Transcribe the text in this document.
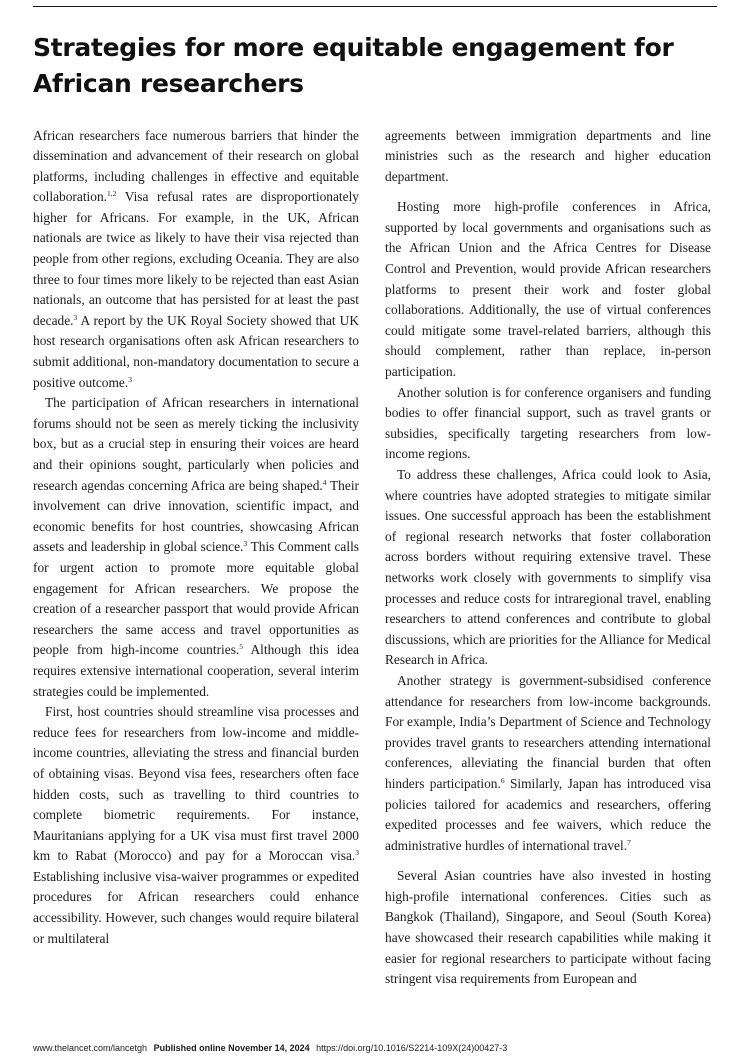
Strategies for more equitable engagement for African researchers

African researchers face numerous barriers that hinder the dissemination and advancement of their research on global platforms, including challenges in effective and equitable collaboration.$^{1,2}$ Visa refusal rates are disproportionately higher for Africans. For example, in the UK, African nationals are twice as likely to have their visa rejected than people from other regions, excluding Oceania. They are also three to four times more likely to be rejected than east Asian nationals, an outcome that has persisted for at least the past decade.$^3$ A report by the UK Royal Society showed that UK host research organisations often ask African researchers to submit additional, non-mandatory documentation to secure a positive outcome.$^3$

The participation of African researchers in international forums should not be seen as merely ticking the inclusivity box, but as a crucial step in ensuring their voices are heard and their opinions sought, particularly when policies and research agendas concerning Africa are being shaped.$^4$ Their involvement can drive innovation, scientific impact, and economic benefits for host countries, showcasing African assets and leadership in global science.$^3$ This Comment calls for urgent action to promote more equitable global engagement for African researchers. We propose the creation of a researcher passport that would provide African researchers the same access and travel opportunities as people from high-income countries.$^5$ Although this idea requires extensive international cooperation, several interim strategies could be implemented.

First, host countries should streamline visa processes and reduce fees for researchers from low-income and middle-income countries, alleviating the stress and financial burden of obtaining visas. Beyond visa fees, researchers often face hidden costs, such as travelling to third countries to complete biometric requirements. For instance, Mauritanians applying for a UK visa must first travel 2000 km to Rabat (Morocco) and pay for a Moroccan visa.$^3$ Establishing inclusive visa-waiver programmes or expedited procedures for African researchers could enhance accessibility. However, such changes would require bilateral or multilateral

agreements between immigration departments and line ministries such as the research and higher education department.

Hosting more high-profile conferences in Africa, supported by local governments and organisations such as the African Union and the Africa Centres for Disease Control and Prevention, would provide African researchers platforms to present their work and foster global collaborations. Additionally, the use of virtual conferences could mitigate some travel-related barriers, although this should complement, rather than replace, in-person participation.

Another solution is for conference organisers and funding bodies to offer financial support, such as travel grants or subsidies, specifically targeting researchers from low-income regions.

To address these challenges, Africa could look to Asia, where countries have adopted strategies to mitigate similar issues. One successful approach has been the establishment of regional research networks that foster collaboration across borders without requiring extensive travel. These networks work closely with governments to simplify visa processes and reduce costs for intraregional travel, enabling researchers to attend conferences and contribute to global discussions, which are priorities for the Alliance for Medical Research in Africa.

Another strategy is government-subsidised conference attendance for researchers from low-income backgrounds. For example, India’s Department of Science and Technology provides travel grants to researchers attending international conferences, alleviating the financial burden that often hinders participation.$^6$ Similarly, Japan has introduced visa policies tailored for academics and researchers, offering expedited processes and fee waivers, which reduce the administrative hurdles of international travel.$^7$

Several Asian countries have also invested in hosting high-profile international conferences. Cities such as Bangkok (Thailand), Singapore, and Seoul (South Korea) have showcased their research capabilities while making it easier for regional researchers to participate without facing stringent visa requirements from European and

www.thelancet.com/lancetgh Published online November 14, 2024 https://doi.org/10.1016/S2214-109X(24)00427-3
